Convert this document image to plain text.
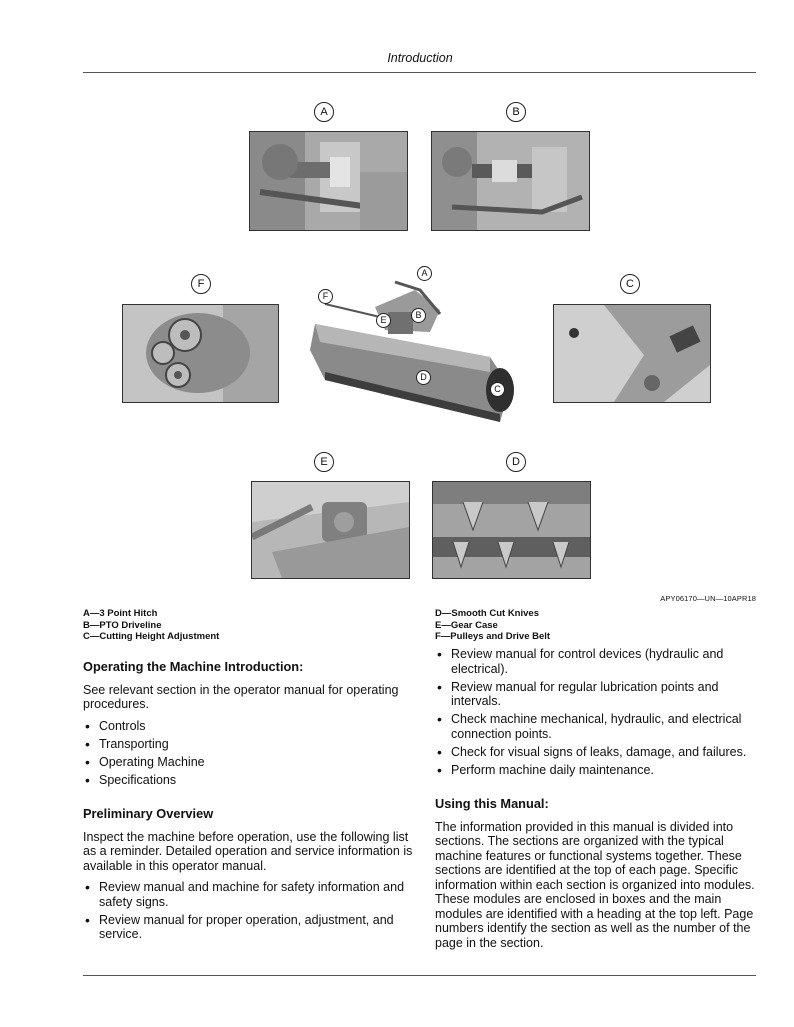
Introduction
A	B
F	C
E	D
A
B
E
F
D
C
APY06170—UN—10APR18
A—3 Point Hitch
B—PTO Driveline
C—Cutting Height Adjustment
D—Smooth Cut Knives
E—Gear Case
F—Pulleys and Drive Belt
Operating the Machine Introduction:

See relevant section in the operator manual for operating procedures.

• Controls
• Transporting
• Operating Machine
• Specifications
Preliminary Overview

Inspect the machine before operation, use the following list as a reminder. Detailed operation and service information is available in this operator manual.

• Review manual and machine for safety information and safety signs.
• Review manual for proper operation, adjustment, and service.
• Review manual for control devices (hydraulic and electrical).
• Review manual for regular lubrication points and intervals.
• Check machine mechanical, hydraulic, and electrical connection points.
• Check for visual signs of leaks, damage, and failures.
• Perform machine daily maintenance.
Using this Manual:

The information provided in this manual is divided into sections. The sections are organized with the typical machine features or functional systems together. These sections are identified at the top of each page. Specific information within each section is organized into modules. These modules are enclosed in boxes and the main modules are identified with a heading at the top left. Page numbers identify the section as well as the number of the page in the section.
